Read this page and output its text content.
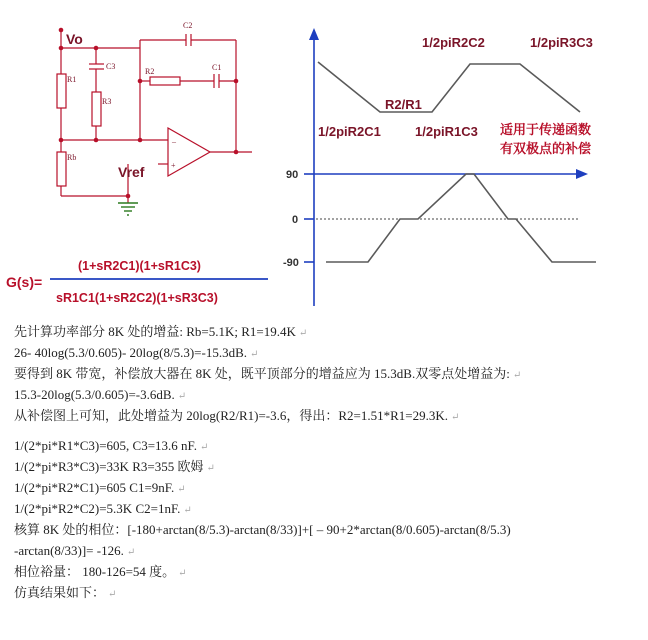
–
+
Vo
R1
R3
Rb
C3
C2
R2	C1
Vref
1/2piR2C2	1/2piR3C3
R2/R1
1/2piR2C1	1/2piR1C3 适用于传递函数
有双极点的补偿
90
0
-90
G(s)=
(1+sR2C1)(1+sR1C3)
sR1C1(1+sR2C2)(1+sR3C3)
先计算功率部分 8K 处的增益: Rb=5.1K; R1=19.4K ↵
26- 40log(5.3/0.605)- 20log(8/5.3)=-15.3dB. ↵
要得到 8K 带宽，补偿放大器在 8K 处，既平顶部分的增益应为 15.3dB.双零点处增益为: ↵
15.3-20log(5.3/0.605)=-3.6dB. ↵
从补偿图上可知，此处增益为 20log(R2/R1)=-3.6，得出：R2=1.51*R1=29.3K. ↵
1/(2*pi*R1*C3)=605, C3=13.6 nF. ↵
1/(2*pi*R3*C3)=33K R3=355 欧姆 ↵
1/(2*pi*R2*C1)=605 C1=9nF. ↵
1/(2*pi*R2*C2)=5.3K C2=1nF. ↵
核算 8K 处的相位：[-180+arctan(8/5.3)-arctan(8/33)]+[ – 90+2*arctan(8/0.605)-arctan(8/5.3)
-arctan(8/33)]= -126. ↵
相位裕量： 180-126=54 度。 ↵
仿真结果如下： ↵
